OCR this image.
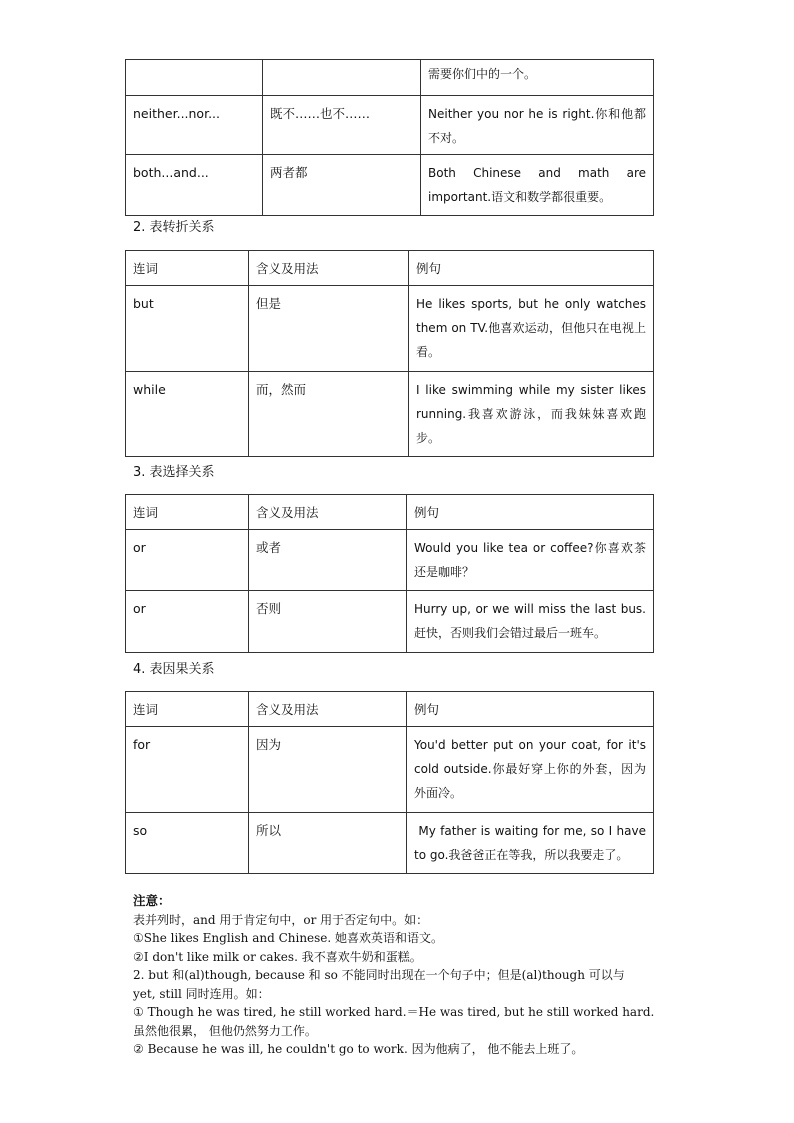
		需要你们中的一个。
neither...nor...	既不……也不……	Neither you nor he is right.你和他都不对。
both...and...	两者都	Both Chinese and math are important.语文和数学都很重要。
2. 表转折关系
连词	含义及用法	例句
but	但是	He likes sports, but he only watches them on TV.他喜欢运动，但他只在电视上看。
while	而，然而	I like swimming while my sister likes running.我喜欢游泳，而我妹妹喜欢跑步。
3. 表选择关系
连词	含义及用法	例句
or	或者	Would you like tea or coffee?你喜欢茶还是咖啡？
or	否则	Hurry up, or we will miss the last bus.赶快，否则我们会错过最后一班车。
4. 表因果关系
连词	含义及用法	例句
for	因为	You'd better put on your coat, for it's cold outside.你最好穿上你的外套，因为外面冷。
so	所以	My father is waiting for me, so I have to go.我爸爸正在等我，所以我要走了。
注意：
表并列时，and 用于肯定句中，or 用于否定句中。如：
①She likes English and Chinese. 她喜欢英语和语文。
②I don't like milk or cakes. 我不喜欢牛奶和蛋糕。
2. but 和(al)though, because 和 so 不能同时出现在一个句子中；但是(al)though 可以与
yet, still 同时连用。如：
① Though he was tired, he still worked hard.＝He was tired, but he still worked hard.
虽然他很累， 但他仍然努力工作。
② Because he was ill, he couldn't go to work. 因为他病了， 他不能去上班了。
